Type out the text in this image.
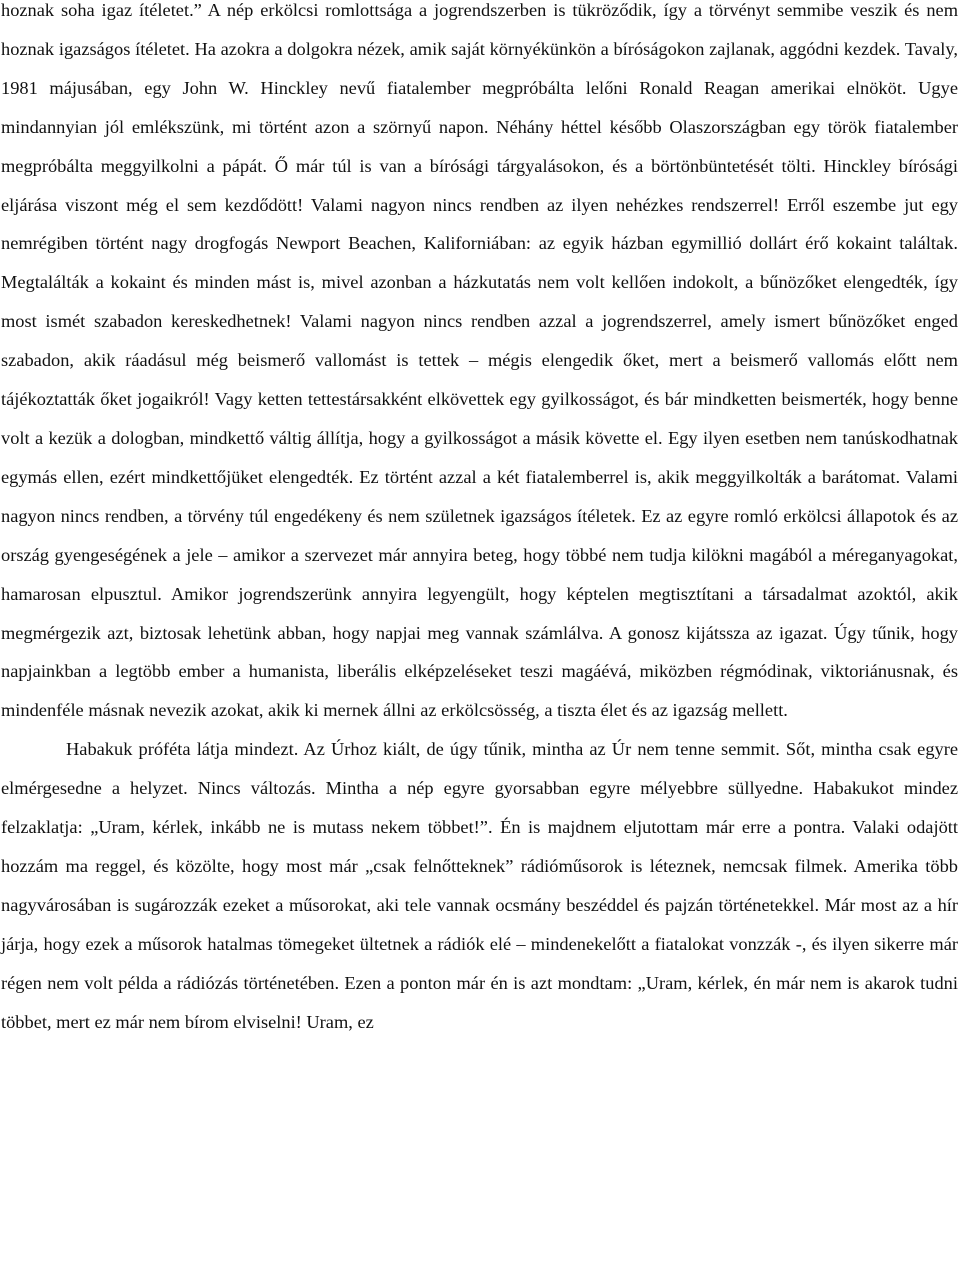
hoznak soha igaz ítéletet.” A nép erkölcsi romlottsága a jogrendszerben is tükröződik, így a törvényt semmibe veszik és nem hoznak igazságos ítéletet. Ha azokra a dolgokra nézek, amik saját környékünkön a bíróságokon zajlanak, aggódni kezdek. Tavaly, 1981 májusában, egy John W. Hinckley nevű fiatalember megpróbálta lelőni Ronald Reagan amerikai elnököt. Ugye mindannyian jól emlékszünk, mi történt azon a szörnyű napon. Néhány héttel később Olaszországban egy török fiatalember megpróbálta meggyilkolni a pápát. Ő már túl is van a bírósági tárgyalásokon, és a börtönbüntetését tölti. Hinckley bírósági eljárása viszont még el sem kezdődött! Valami nagyon nincs rendben az ilyen nehézkes rendszerrel! Erről eszembe jut egy nemrégiben történt nagy drogfogás Newport Beachen, Kaliforniában: az egyik házban egymillió dollárt érő kokaint találtak. Megtalálták a kokaint és minden mást is, mivel azonban a házkutatás nem volt kellően indokolt, a bűnözőket elengedték, így most ismét szabadon kereskedhetnek! Valami nagyon nincs rendben azzal a jogrendszerrel, amely ismert bűnözőket enged szabadon, akik ráadásul még beismerő vallomást is tettek – mégis elengedik őket, mert a beismerő vallomás előtt nem tájékoztatták őket jogaikról! Vagy ketten tettestársakként elkövettek egy gyilkosságot, és bár mindketten beismerték, hogy benne volt a kezük a dologban, mindkettő váltig állítja, hogy a gyilkosságot a másik követte el. Egy ilyen esetben nem tanúskodhatnak egymás ellen, ezért mindkettőjüket elengedték. Ez történt azzal a két fiatalemberrel is, akik meggyilkolták a barátomat. Valami nagyon nincs rendben, a törvény túl engedékeny és nem születnek igazságos ítéletek. Ez az egyre romló erkölcsi állapotok és az ország gyengeségének a jele – amikor a szervezet már annyira beteg, hogy többé nem tudja kilökni magából a méreganyagokat, hamarosan elpusztul. Amikor jogrendszerünk annyira legyengült, hogy képtelen megtisztítani a társadalmat azoktól, akik megmérgezik azt, biztosak lehetünk abban, hogy napjai meg vannak számlálva. A gonosz kijátssza az igazat. Úgy tűnik, hogy napjainkban a legtöbb ember a humanista, liberális elképzeléseket teszi magáévá, miközben régmódinak, viktoriánusnak, és mindenféle másnak nevezik azokat, akik ki mernek állni az erkölcsösség, a tiszta élet és az igazság mellett.

Habakuk próféta látja mindezt. Az Úrhoz kiált, de úgy tűnik, mintha az Úr nem tenne semmit. Sőt, mintha csak egyre elmérgesedne a helyzet. Nincs változás. Mintha a nép egyre gyorsabban egyre mélyebbre süllyedne. Habakukot mindez felzaklatja: „Uram, kérlek, inkább ne is mutass nekem többet!”. Én is majdnem eljutottam már erre a pontra. Valaki odajött hozzám ma reggel, és közölte, hogy most már „csak felnőtteknek” rádióműsorok is léteznek, nemcsak filmek. Amerika több nagyvárosában is sugározzák ezeket a műsorokat, aki tele vannak ocsmány beszéddel és pajzán történetekkel. Már most az a hír járja, hogy ezek a műsorok hatalmas tömegeket ültetnek a rádiók elé – mindenekelőtt a fiatalokat vonzzák -, és ilyen sikerre már régen nem volt példa a rádiózás történetében. Ezen a ponton már én is azt mondtam: „Uram, kérlek, én már nem is akarok tudni többet, mert ez már nem bírom elviselni! Uram, ez
